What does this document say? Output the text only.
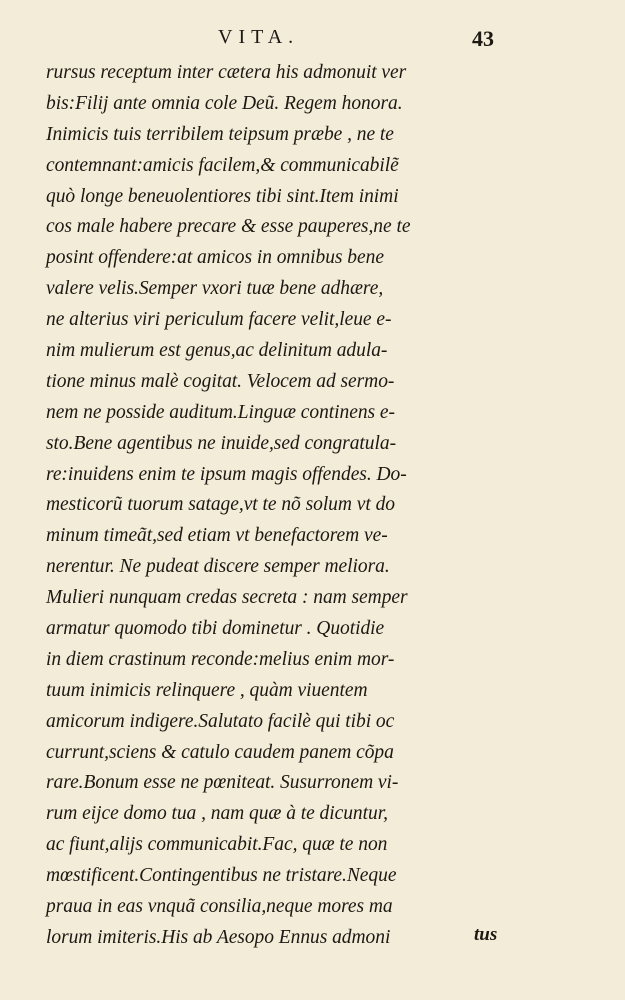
VITA.	43
rursus receptum inter cætera his admonuit ver
bis:Filij ante omnia cole Deũ. Regem honora.
Inimicis tuis terribilem teipsum præbe , ne te
contemnant:amicis facilem,& communicabilẽ
quò longe beneuolentiores tibi sint.Item inimi
cos male habere precare & esse pauperes,ne te
posint offendere:at amicos in omnibus bene
valere velis.Semper vxori tuæ bene adhære,
ne alterius viri periculum facere velit,leue e-
nim mulierum est genus,ac delinitum adula-
tione minus malè cogitat. Velocem ad sermo-
nem ne posside auditum.Linguæ continens e-
sto.Bene agentibus ne inuide,sed congratula-
re:inuidens enim te ipsum magis offendes. Do-
mesticorũ tuorum satage,vt te nõ solum vt do
minum timeãt,sed etiam vt benefactorem ve-
nerentur. Ne pudeat discere semper meliora.
Mulieri nunquam credas secreta : nam semper
armatur quomodo tibi dominetur . Quotidie
in diem crastinum reconde:melius enim mor-
tuum inimicis relinquere , quàm viuentem
amicorum indigere.Salutato facilè qui tibi oc
currunt,sciens & catulo caudem panem cõpa
rare.Bonum esse ne pœniteat. Susurronem vi-
rum eijce domo tua , nam quæ à te dicuntur,
ac fiunt,alijs communicabit.Fac, quæ te non
mœstificent.Contingentibus ne tristare.Neque
praua in eas vnquã consilia,neque mores ma
lorum imiteris.His ab Aesopo Ennus admoni	tus
